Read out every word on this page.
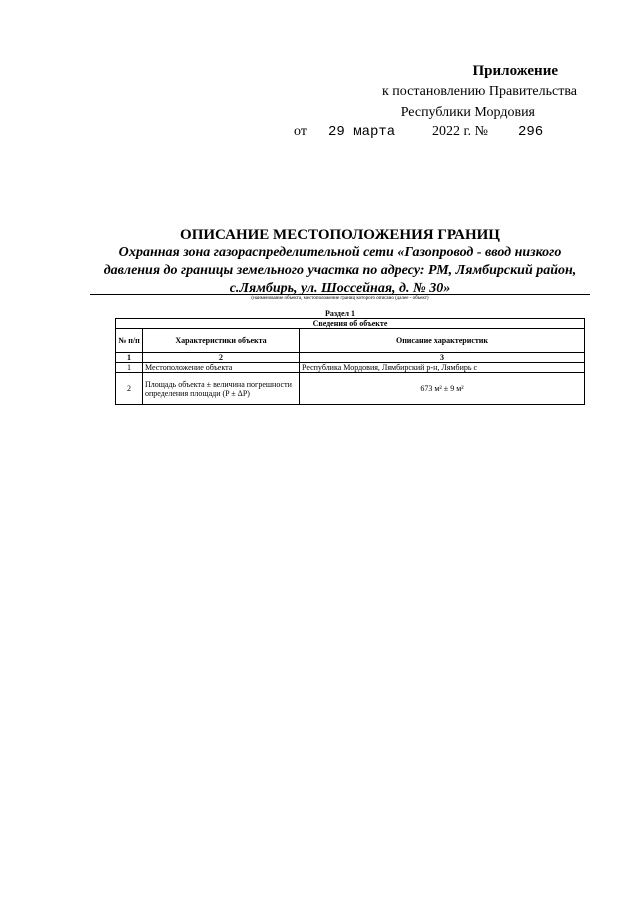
Приложение
к постановлению Правительства
Республики Мордовия
от 29 марта	2022 г. № 296
ОПИСАНИЕ МЕСТОПОЛОЖЕНИЯ ГРАНИЦ
Охранная зона газораспределительной сети «Газопровод - ввод низкого
давления до границы земельного участка по адресу: РМ, Лямбирский район,
с.Лямбирь, ул. Шоссейная, д. № 30»
(наименование объекта, местоположение границ которого описано (далее - объект)
Раздел 1
Сведения об объекте		
№ п/п	Характеристики объекта	Описание характеристик
1	2	3
1	Местоположение объекта	Республика Мордовия, Лямбирский р-н, Лямбирь с
2	Площадь объекта ± величина погрешности определения площади (P ± ΔP)	673 м² ± 9 м²
